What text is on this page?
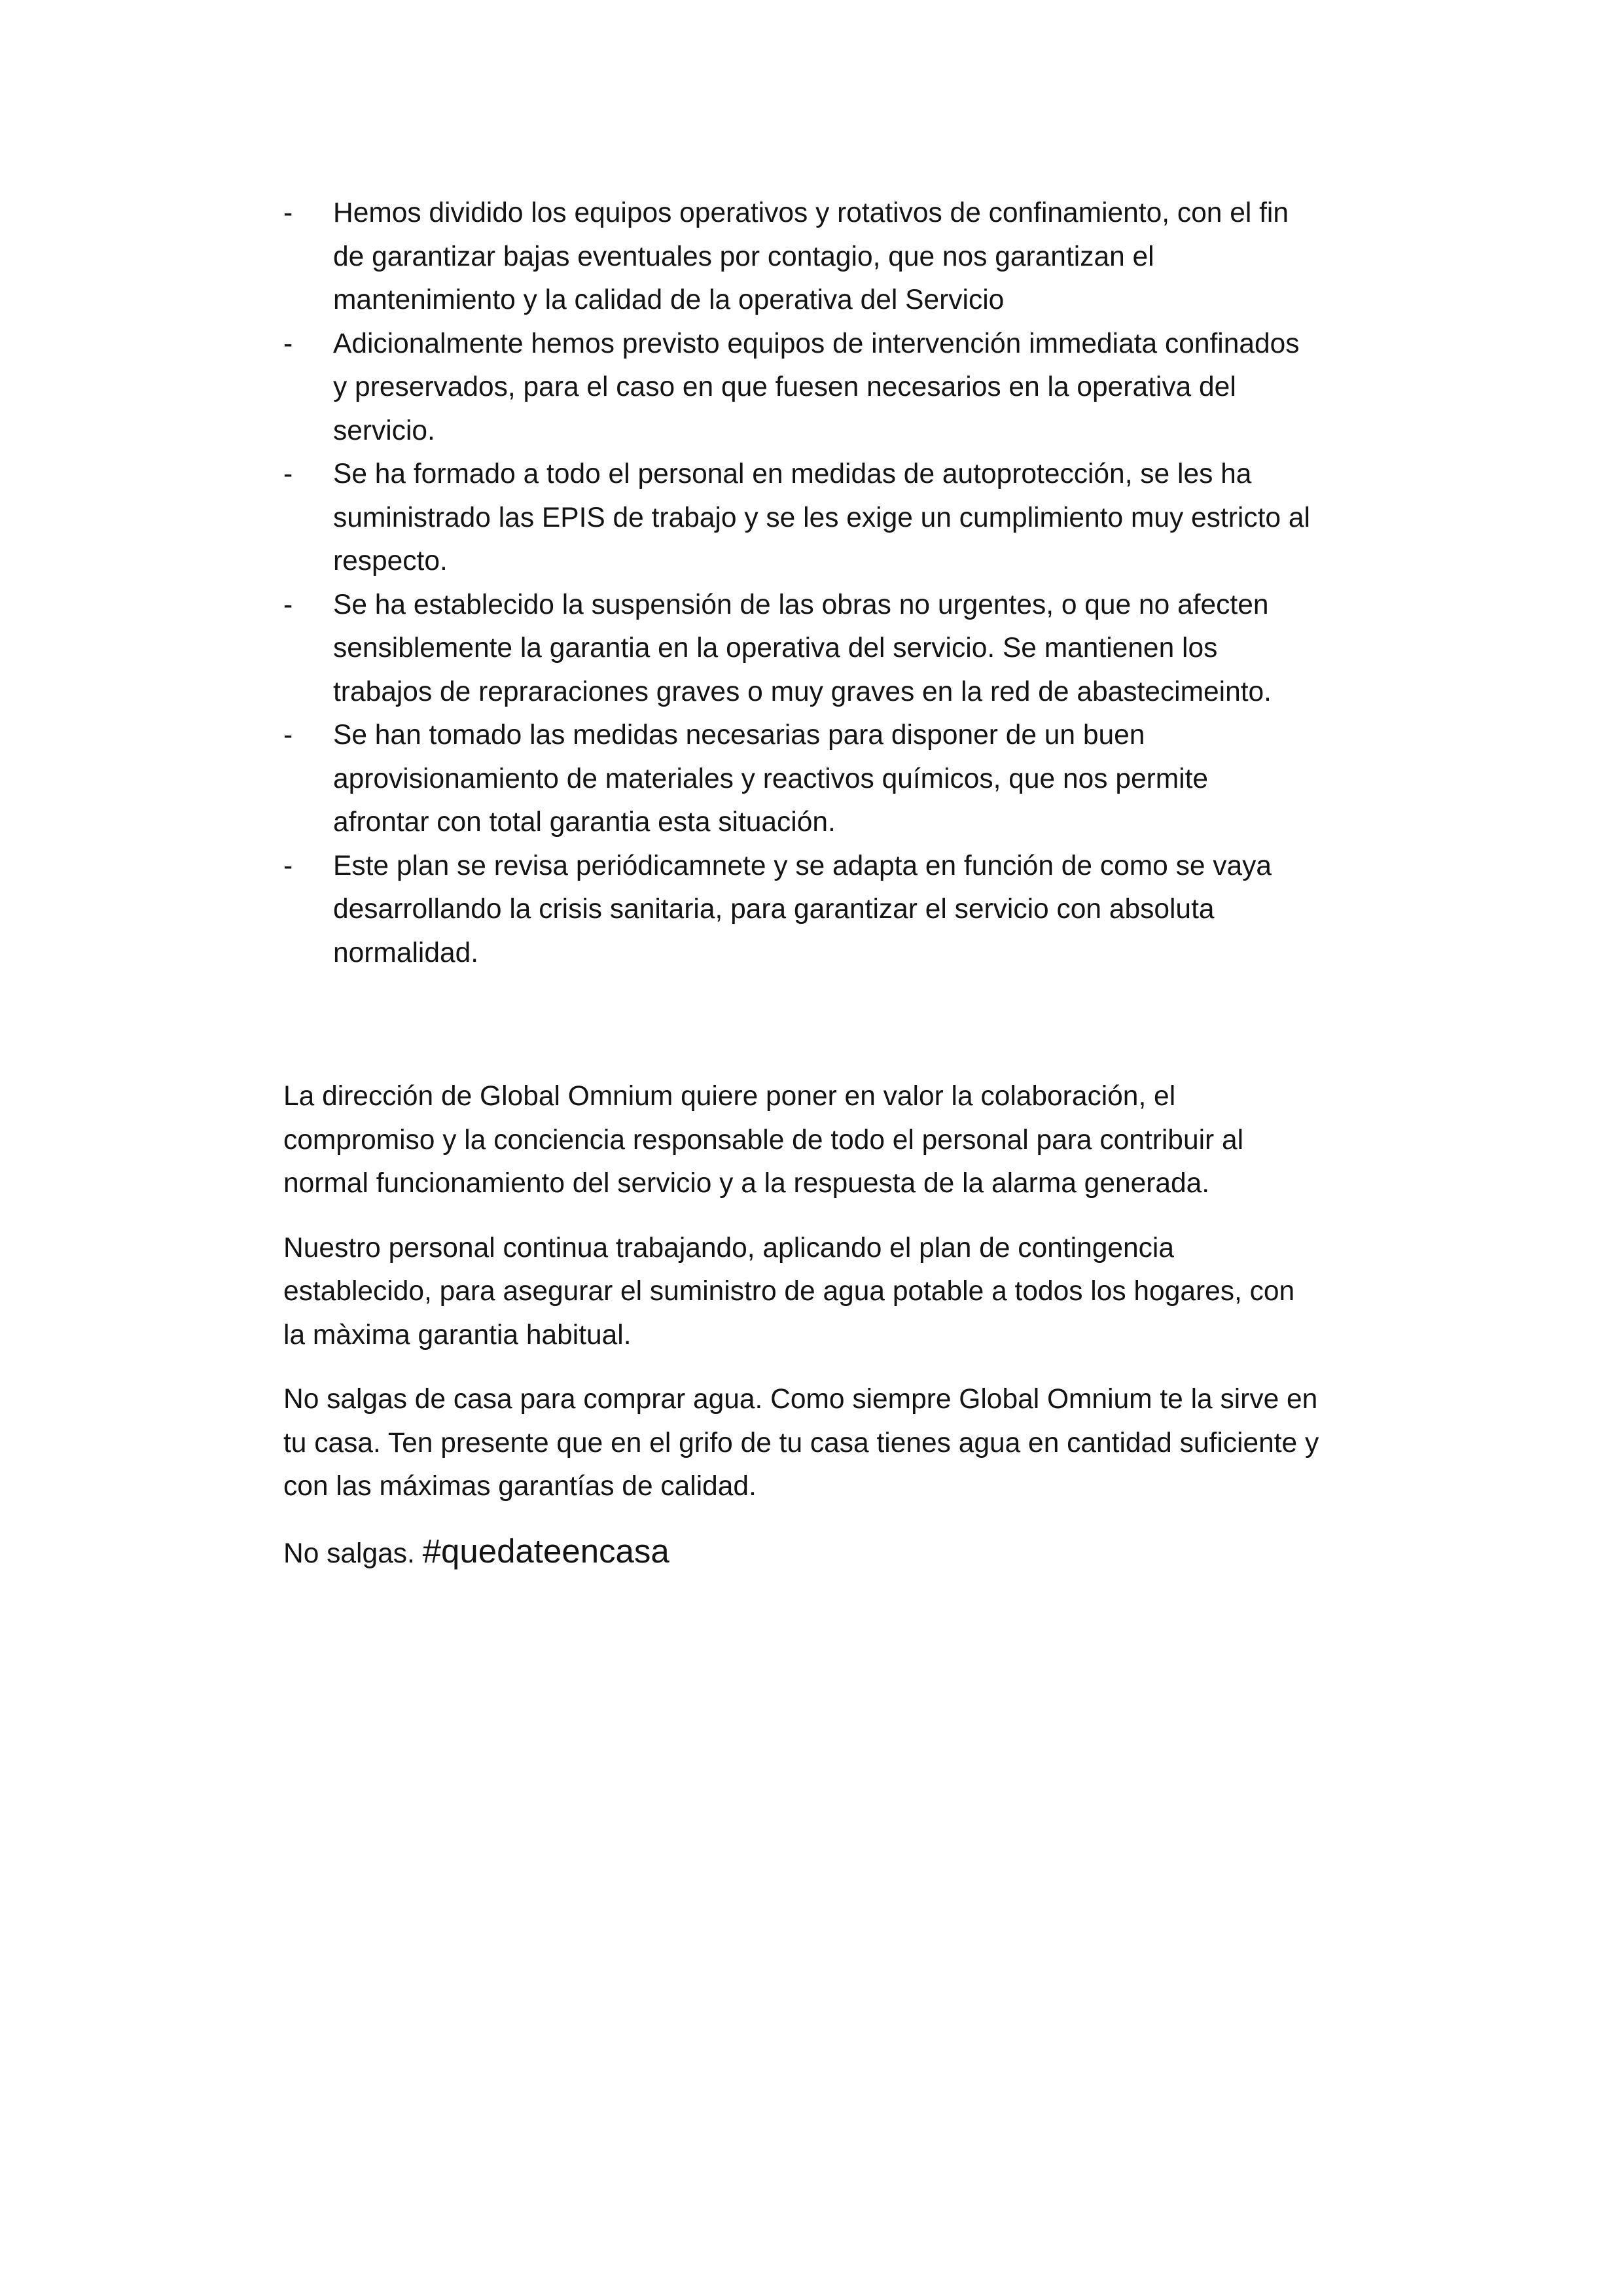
-	Hemos dividido los equipos operativos y rotativos de confinamiento, con el fin
de garantizar bajas eventuales por contagio, que nos garantizan el
mantenimiento y la calidad de la operativa del Servicio
-	Adicionalmente hemos previsto equipos de intervención immediata confinados
y preservados, para el caso en que fuesen necesarios en la operativa del
servicio.
-	Se ha formado a todo el personal en medidas de autoprotección, se les ha
suministrado las EPIS de trabajo y se les exige un cumplimiento muy estricto al
respecto.
-	Se ha establecido la suspensión de las obras no urgentes, o que no afecten
sensiblemente la garantia en la operativa del servicio. Se mantienen los
trabajos de repraraciones graves o muy graves en la red de abastecimeinto.
-	Se han tomado las medidas necesarias para disponer de un buen
aprovisionamiento de materiales y reactivos químicos, que nos permite
afrontar con total garantia esta situación.
-	Este plan se revisa periódicamnete y se adapta en función de como se vaya
desarrollando la crisis sanitaria, para garantizar el servicio con absoluta
normalidad.

La dirección de Global Omnium quiere poner en valor la colaboración, el
compromiso y la conciencia responsable de todo el personal para contribuir al
normal funcionamiento del servicio y a la respuesta de la alarma generada.

Nuestro personal continua trabajando, aplicando el plan de contingencia
establecido, para asegurar el suministro de agua potable a todos los hogares, con
la màxima garantia habitual.

No salgas de casa para comprar agua. Como siempre Global Omnium te la sirve en
tu casa. Ten presente que en el grifo de tu casa tienes agua en cantidad suficiente y
con las máximas garantías de calidad.

No salgas. #quedateencasa
